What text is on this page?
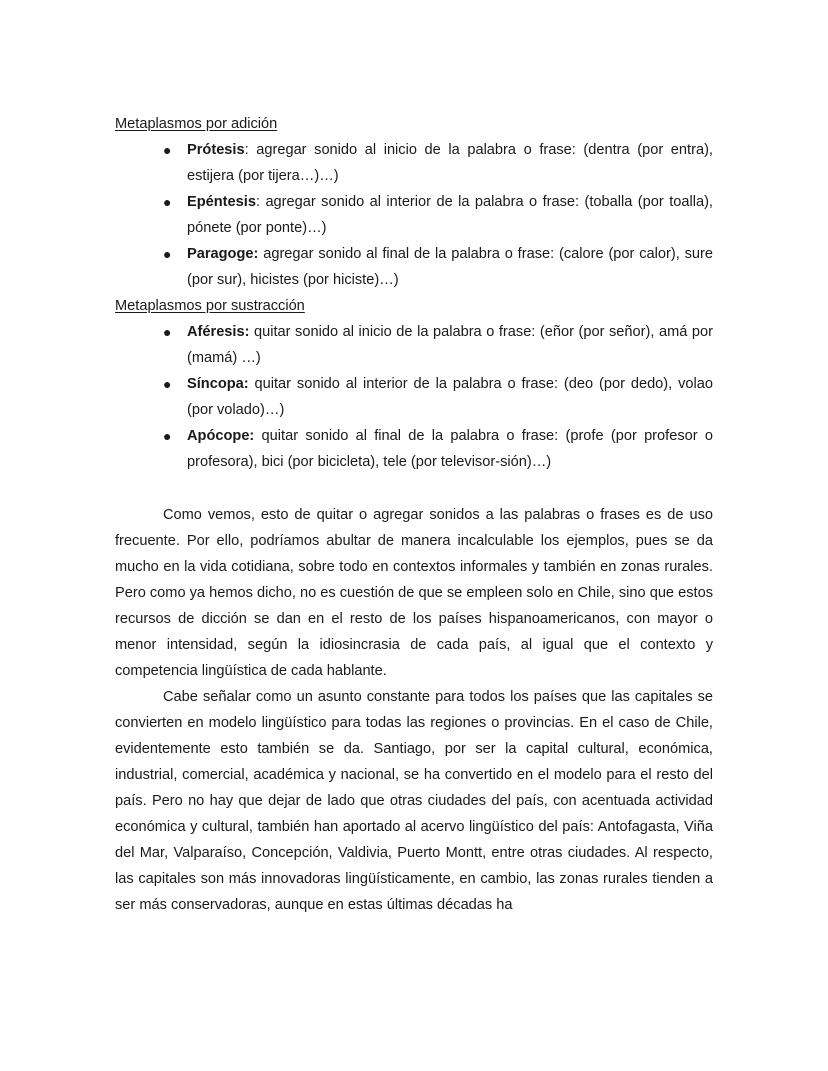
Metaplasmos por adición

● Prótesis: agregar sonido al inicio de la palabra o frase: (dentra (por entra), estijera (por tijera…)…)
● Epéntesis: agregar sonido al interior de la palabra o frase: (toballa (por toalla), pónete (por ponte)…)
● Paragoge: agregar sonido al final de la palabra o frase: (calore (por calor), sure (por sur), hicistes (por hiciste)…)

Metaplasmos por sustracción

● Aféresis: quitar sonido al inicio de la palabra o frase: (eñor (por señor), amá por (mamá) …)
● Síncopa: quitar sonido al interior de la palabra o frase: (deo (por dedo), volao (por volado)…)
● Apócope: quitar sonido al final de la palabra o frase: (profe (por profesor o profesora), bici (por bicicleta), tele (por televisor-sión)…)

Como vemos, esto de quitar o agregar sonidos a las palabras o frases es de uso frecuente. Por ello, podríamos abultar de manera incalculable los ejemplos, pues se da mucho en la vida cotidiana, sobre todo en contextos informales y también en zonas rurales. Pero como ya hemos dicho, no es cuestión de que se empleen solo en Chile, sino que estos recursos de dicción se dan en el resto de los países hispanoamericanos, con mayor o menor intensidad, según la idiosincrasia de cada país, al igual que el contexto y competencia lingüística de cada hablante.

Cabe señalar como un asunto constante para todos los países que las capitales se convierten en modelo lingüístico para todas las regiones o provincias. En el caso de Chile, evidentemente esto también se da. Santiago, por ser la capital cultural, económica, industrial, comercial, académica y nacional, se ha convertido en el modelo para el resto del país. Pero no hay que dejar de lado que otras ciudades del país, con acentuada actividad económica y cultural, también han aportado al acervo lingüístico del país: Antofagasta, Viña del Mar, Valparaíso, Concepción, Valdivia, Puerto Montt, entre otras ciudades. Al respecto, las capitales son más innovadoras lingüísticamente, en cambio, las zonas rurales tienden a ser más conservadoras, aunque en estas últimas décadas ha
